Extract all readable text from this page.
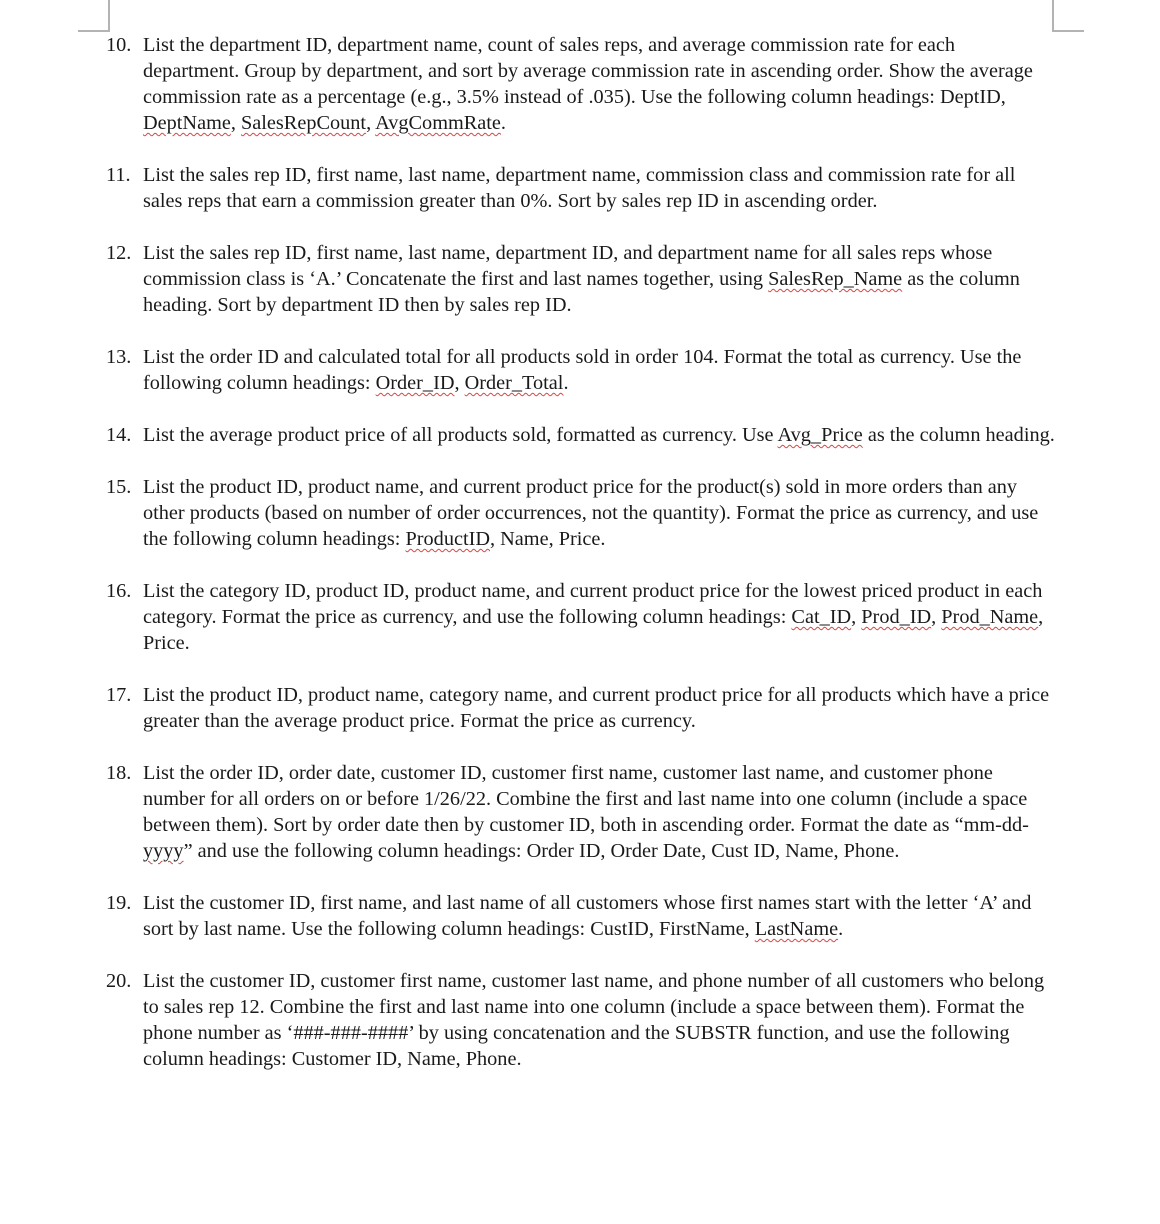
10. List the department ID, department name, count of sales reps, and average commission rate for each department. Group by department, and sort by average commission rate in ascending order. Show the average commission rate as a percentage (e.g., 3.5% instead of .035). Use the following column headings: DeptID, DeptName, SalesRepCount, AvgCommRate.
11. List the sales rep ID, first name, last name, department name, commission class and commission rate for all sales reps that earn a commission greater than 0%. Sort by sales rep ID in ascending order.
12. List the sales rep ID, first name, last name, department ID, and department name for all sales reps whose commission class is ‘A.’ Concatenate the first and last names together, using SalesRep_Name as the column heading. Sort by department ID then by sales rep ID.
13. List the order ID and calculated total for all products sold in order 104. Format the total as currency. Use the following column headings: Order_ID, Order_Total.
14. List the average product price of all products sold, formatted as currency. Use Avg_Price as the column heading.
15. List the product ID, product name, and current product price for the product(s) sold in more orders than any other products (based on number of order occurrences, not the quantity). Format the price as currency, and use the following column headings: ProductID, Name, Price.
16. List the category ID, product ID, product name, and current product price for the lowest priced product in each category. Format the price as currency, and use the following column headings: Cat_ID, Prod_ID, Prod_Name, Price.
17. List the product ID, product name, category name, and current product price for all products which have a price greater than the average product price. Format the price as currency.
18. List the order ID, order date, customer ID, customer first name, customer last name, and customer phone number for all orders on or before 1/26/22. Combine the first and last name into one column (include a space between them). Sort by order date then by customer ID, both in ascending order. Format the date as “mm-dd-yyyy” and use the following column headings: Order ID, Order Date, Cust ID, Name, Phone.
19. List the customer ID, first name, and last name of all customers whose first names start with the letter ‘A’ and sort by last name. Use the following column headings: CustID, FirstName, LastName.
20. List the customer ID, customer first name, customer last name, and phone number of all customers who belong to sales rep 12. Combine the first and last name into one column (include a space between them). Format the phone number as ‘###-###-####’ by using concatenation and the SUBSTR function, and use the following column headings: Customer ID, Name, Phone.
